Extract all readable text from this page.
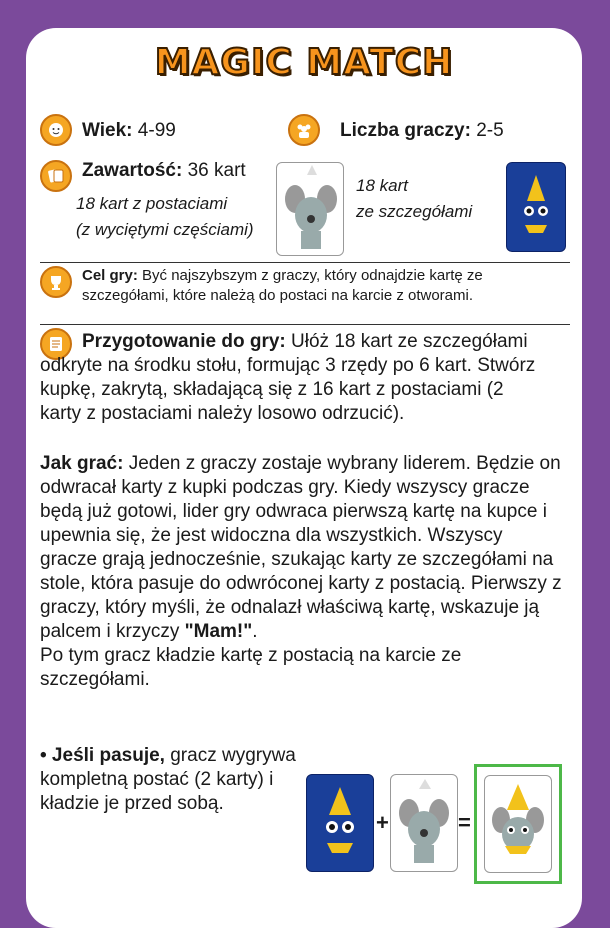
MAGIC MATCH
Wiek: 4-99	Liczba graczy: 2-5
Zawartość: 36 kart
18 kart z postaciami
(z wyciętymi częściami)
18 kart
ze szczegółami
Cel gry: Być najszybszym z graczy, który odnajdzie kartę ze
szczegółami, które należą do postaci na karcie z otworami.
Przygotowanie do gry: Ułóż 18 kart ze szczegółami
odkryte na środku stołu, formując 3 rzędy po 6 kart. Stwórz
kupkę, zakrytą, składającą się z 16 kart z postaciami (2
karty z postaciami należy losowo odrzucić).
Jak grać: Jeden z graczy zostaje wybrany liderem. Będzie on
odwracał karty z kupki podczas gry. Kiedy wszyscy gracze
będą już gotowi, lider gry odwraca pierwszą kartę na kupce i
upewnia się, że jest widoczna dla wszystkich. Wszyscy
gracze grają jednocześnie, szukając karty ze szczegółami na
stole, która pasuje do odwróconej karty z postacią. Pierwszy z
graczy, który myśli, że odnalazł właściwą kartę, wskazuje ją
palcem i krzyczy "Mam!".
Po tym gracz kładzie kartę z postacią na karcie ze
szczegółami.
• Jeśli pasuje, gracz wygrywa
kompletną postać (2 karty) i
kładzie je przed sobą.
+	=
